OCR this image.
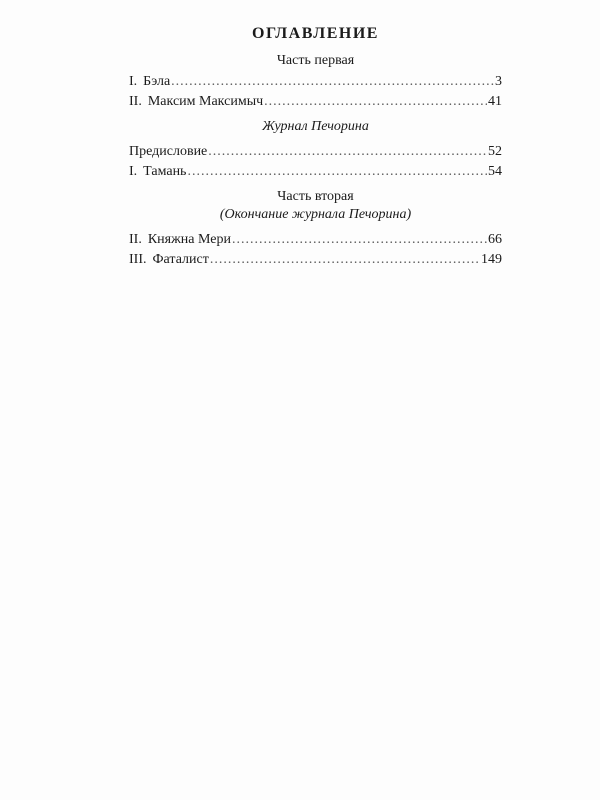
ОГЛАВЛЕНИЕ
Часть первая
I. Бэла .....	3
II. Максим Максимыч .....	41
Журнал Печорина
Предисловие .....	52
I. Тамань .....	54
Часть вторая
(Окончание журнала Печорина)
II. Княжна Мери .....	66
III. Фаталист .....	149
